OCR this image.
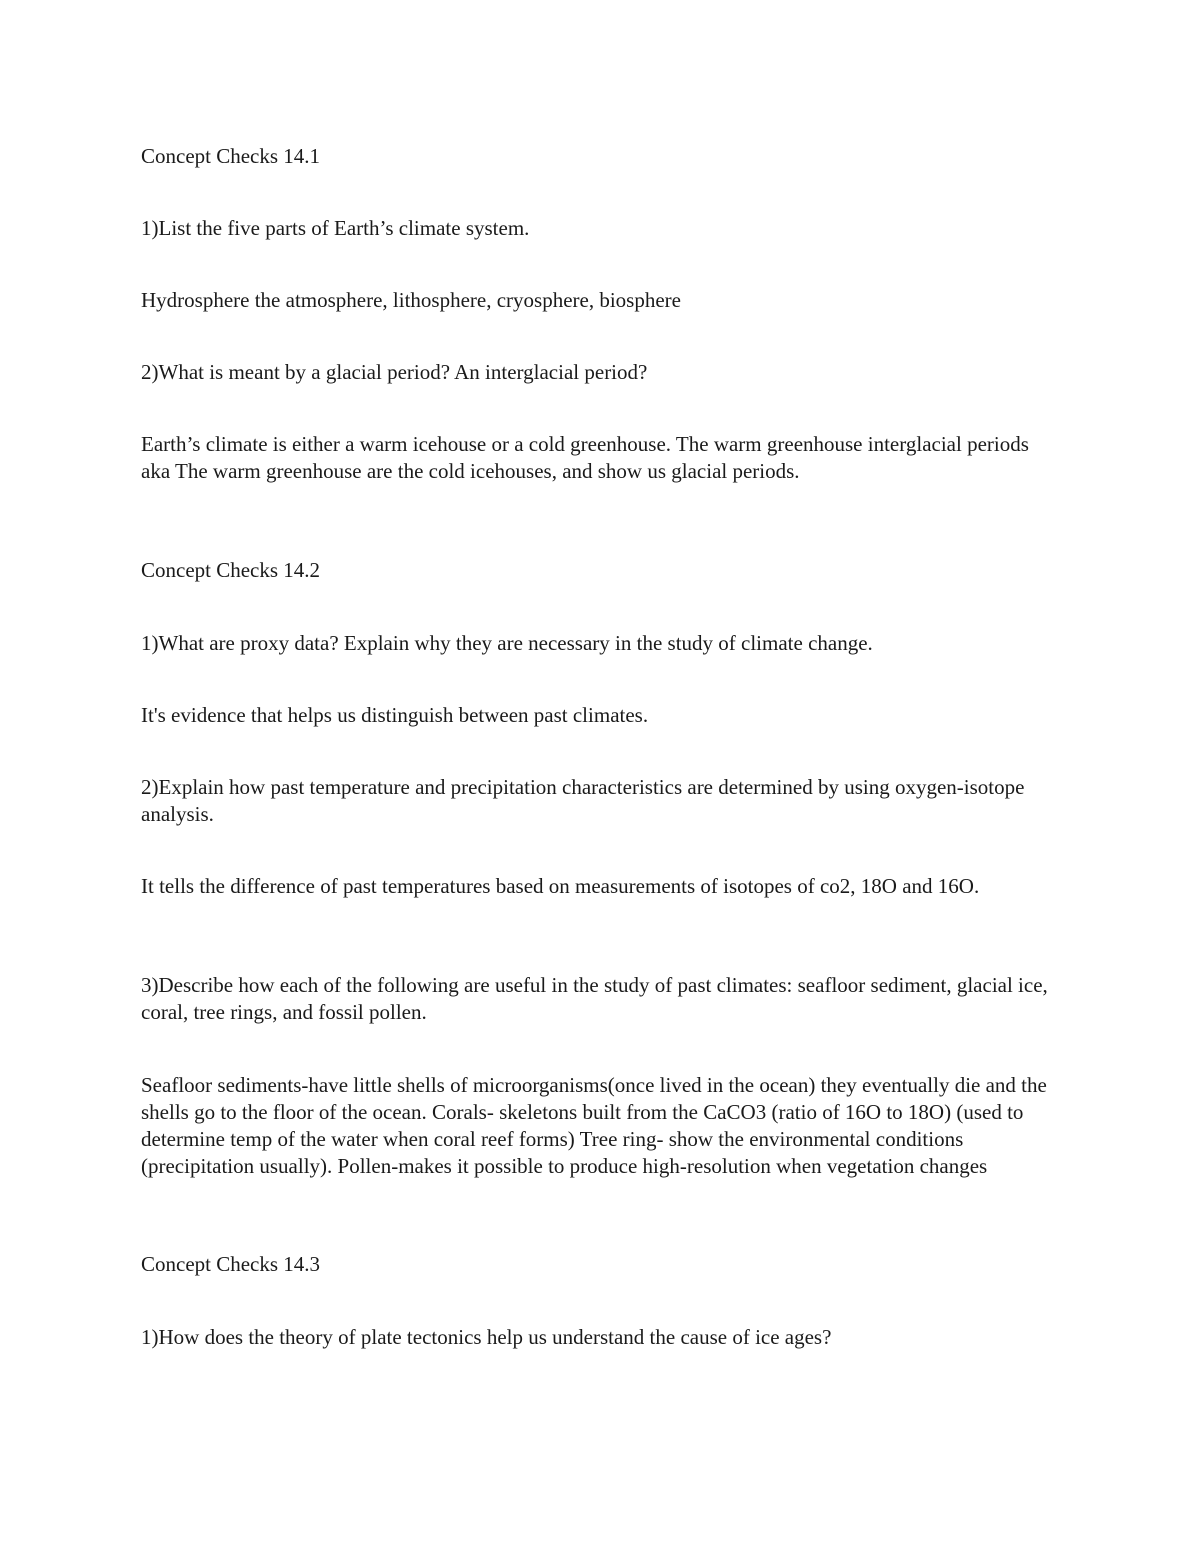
Concept Checks 14.1

1)List the five parts of Earth’s climate system.

Hydrosphere the atmosphere, lithosphere, cryosphere, biosphere

2)What is meant by a glacial period? An interglacial period?

Earth’s climate is either a warm icehouse or a cold greenhouse. The warm greenhouse interglacial periods aka The warm greenhouse are the cold icehouses, and show us glacial periods.

Concept Checks 14.2

1)What are proxy data? Explain why they are necessary in the study of climate change.

It's evidence that helps us distinguish between past climates.

2)Explain how past temperature and precipitation characteristics are determined by using oxygen-isotope analysis.

It tells the difference of past temperatures based on measurements of isotopes of co2, 18O and 16O.

3)Describe how each of the following are useful in the study of past climates: seafloor sediment, glacial ice, coral, tree rings, and fossil pollen.

Seafloor sediments-have little shells of microorganisms(once lived in the ocean) they eventually die and the shells go to the floor of the ocean. Corals- skeletons built from the CaCO3 (ratio of 16O to 18O) (used to determine temp of the water when coral reef forms) Tree ring- show the environmental conditions (precipitation usually). Pollen-makes it possible to produce high-resolution when vegetation changes

Concept Checks 14.3

1)How does the theory of plate tectonics help us understand the cause of ice ages?
